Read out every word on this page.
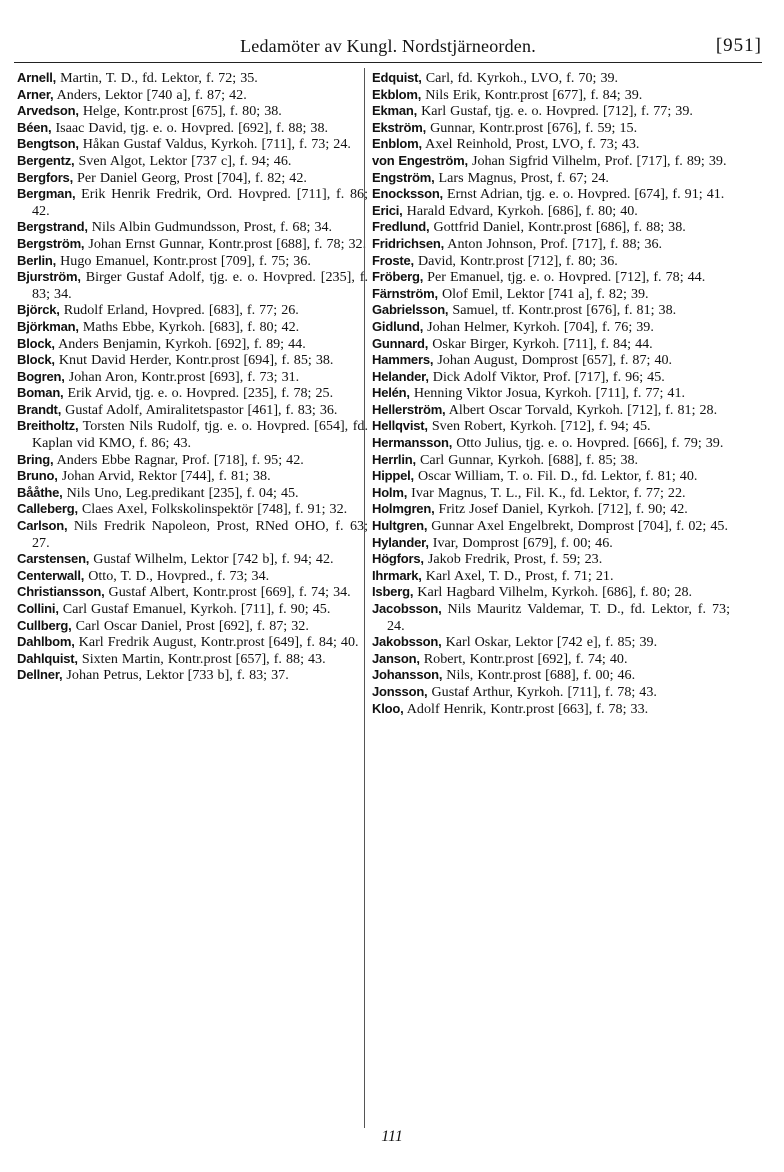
Ledamöter av Kungl. Nordstjärneorden.	[951]
Arnell, Martin, T. D., fd. Lektor, f. 72; 35.
Arner, Anders, Lektor [740 a], f. 87; 42.
Arvedson, Helge, Kontr.prost [675], f. 80; 38.
Béen, Isaac David, tjg. e. o. Hovpred. [692], f. 88; 38.
Bengtson, Håkan Gustaf Valdus, Kyrkoh. [711], f. 73; 24.
Bergentz, Sven Algot, Lektor [737 c], f. 94; 46.
Bergfors, Per Daniel Georg, Prost [704], f. 82; 42.
Bergman, Erik Henrik Fredrik, Ord. Hovpred. [711], f. 86; 42.
Bergstrand, Nils Albin Gudmundsson, Prost, f. 68; 34.
Bergström, Johan Ernst Gunnar, Kontr.prost [688], f. 78; 32.
Berlin, Hugo Emanuel, Kontr.prost [709], f. 75; 36.
Bjurström, Birger Gustaf Adolf, tjg. e. o. Hovpred. [235], f. 83; 34.
Björck, Rudolf Erland, Hovpred. [683], f. 77; 26.
Björkman, Maths Ebbe, Kyrkoh. [683], f. 80; 42.
Block, Anders Benjamin, Kyrkoh. [692], f. 89; 44.
Block, Knut David Herder, Kontr.prost [694], f. 85; 38.
Bogren, Johan Aron, Kontr.prost [693], f. 73; 31.
Boman, Erik Arvid, tjg. e. o. Hovpred. [235], f. 78; 25.
Brandt, Gustaf Adolf, Amiralitetspastor [461], f. 83; 36.
Breitholtz, Torsten Nils Rudolf, tjg. e. o. Hovpred. [654], fd. Kaplan vid KMO, f. 86; 43.
Bring, Anders Ebbe Ragnar, Prof. [718], f. 95; 42.
Bruno, Johan Arvid, Rektor [744], f. 81; 38.
Bååthe, Nils Uno, Leg.predikant [235], f. 04; 45.
Calleberg, Claes Axel, Folkskolinspektör [748], f. 91; 32.
Carlson, Nils Fredrik Napoleon, Prost, RNed OHO, f. 63; 27.
Carstensen, Gustaf Wilhelm, Lektor [742 b], f. 94; 42.
Centerwall, Otto, T. D., Hovpred., f. 73; 34.
Christiansson, Gustaf Albert, Kontr.prost [669], f. 74; 34.
Collini, Carl Gustaf Emanuel, Kyrkoh. [711], f. 90; 45.
Cullberg, Carl Oscar Daniel, Prost [692], f. 87; 32.
Dahlbom, Karl Fredrik August, Kontr.prost [649], f. 84; 40.
Dahlquist, Sixten Martin, Kontr.prost [657], f. 88; 43.
Dellner, Johan Petrus, Lektor [733 b], f. 83; 37.
Edquist, Carl, fd. Kyrkoh., LVO, f. 70; 39.
Ekblom, Nils Erik, Kontr.prost [677], f. 84; 39.
Ekman, Karl Gustaf, tjg. e. o. Hovpred. [712], f. 77; 39.
Ekström, Gunnar, Kontr.prost [676], f. 59; 15.
Enblom, Axel Reinhold, Prost, LVO, f. 73; 43.
von Engeström, Johan Sigfrid Vilhelm, Prof. [717], f. 89; 39.
Engström, Lars Magnus, Prost, f. 67; 24.
Enocksson, Ernst Adrian, tjg. e. o. Hovpred. [674], f. 91; 41.
Erici, Harald Edvard, Kyrkoh. [686], f. 80; 40.
Fredlund, Gottfrid Daniel, Kontr.prost [686], f. 88; 38.
Fridrichsen, Anton Johnson, Prof. [717], f. 88; 36.
Froste, David, Kontr.prost [712], f. 80; 36.
Fröberg, Per Emanuel, tjg. e. o. Hovpred. [712], f. 78; 44.
Färnström, Olof Emil, Lektor [741 a], f. 82; 39.
Gabrielsson, Samuel, tf. Kontr.prost [676], f. 81; 38.
Gidlund, Johan Helmer, Kyrkoh. [704], f. 76; 39.
Gunnard, Oskar Birger, Kyrkoh. [711], f. 84; 44.
Hammers, Johan August, Domprost [657], f. 87; 40.
Helander, Dick Adolf Viktor, Prof. [717], f. 96; 45.
Helén, Henning Viktor Josua, Kyrkoh. [711], f. 77; 41.
Hellerström, Albert Oscar Torvald, Kyrkoh. [712], f. 81; 28.
Hellqvist, Sven Robert, Kyrkoh. [712], f. 94; 45.
Hermansson, Otto Julius, tjg. e. o. Hovpred. [666], f. 79; 39.
Herrlin, Carl Gunnar, Kyrkoh. [688], f. 85; 38.
Hippel, Oscar William, T. o. Fil. D., fd. Lektor, f. 81; 40.
Holm, Ivar Magnus, T. L., Fil. K., fd. Lektor, f. 77; 22.
Holmgren, Fritz Josef Daniel, Kyrkoh. [712], f. 90; 42.
Hultgren, Gunnar Axel Engelbrekt, Domprost [704], f. 02; 45.
Hylander, Ivar, Domprost [679], f. 00; 46.
Högfors, Jakob Fredrik, Prost, f. 59; 23.
Ihrmark, Karl Axel, T. D., Prost, f. 71; 21.
Isberg, Karl Hagbard Vilhelm, Kyrkoh. [686], f. 80; 28.
Jacobsson, Nils Mauritz Valdemar, T. D., fd. Lektor, f. 73; 24.
Jakobsson, Karl Oskar, Lektor [742 e], f. 85; 39.
Janson, Robert, Kontr.prost [692], f. 74; 40.
Johansson, Nils, Kontr.prost [688], f. 00; 46.
Jonsson, Gustaf Arthur, Kyrkoh. [711], f. 78; 43.
Kloo, Adolf Henrik, Kontr.prost [663], f. 78; 33.
111
